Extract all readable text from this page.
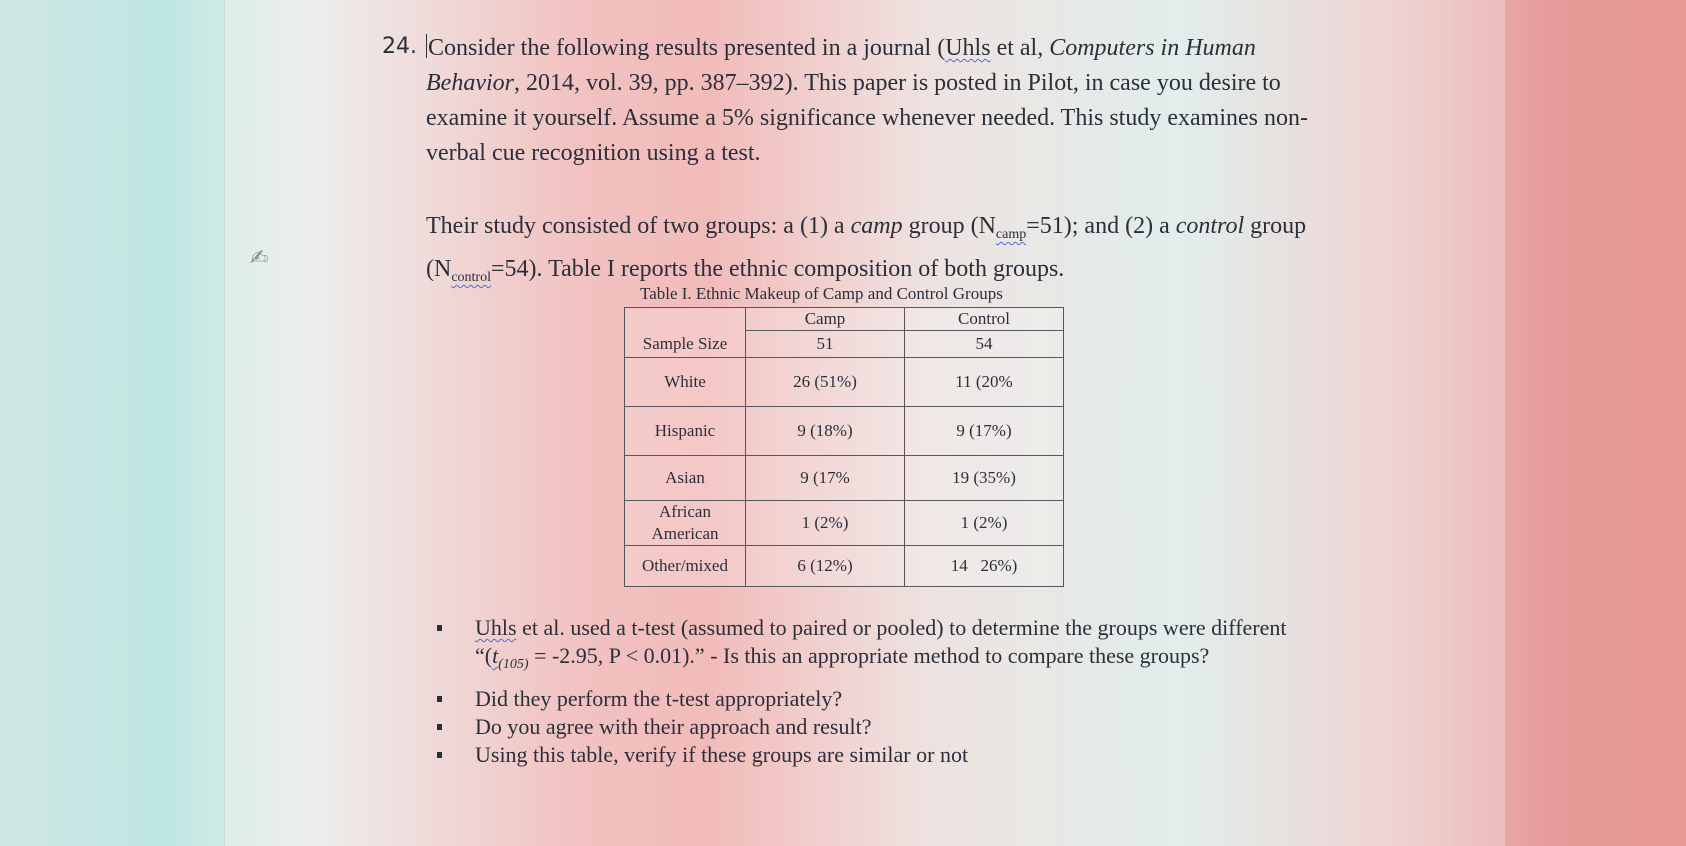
24. Consider the following results presented in a journal (Uhls et al, Computers in Human Behavior, 2014, vol. 39, pp. 387–392). This paper is posted in Pilot, in case you desire to examine it yourself. Assume a 5% significance whenever needed. This study examines non-verbal cue recognition using a test.
✍
Their study consisted of two groups: a (1) a camp group $(N_{camp}=51)$; and (2) a control group $(N_{control}=54)$. Table I reports the ethnic composition of both groups.
Table I. Ethnic Makeup of Camp and Control Groups
	Camp	Control
Sample Size	51	54
White	26 (51%)	11 (20%
Hispanic	9 (18%)	9 (17%)
Asian	9 (17%	19 (35%)
African
American	1 (2%)	1 (2%)
Other/mixed	6 (12%)	14   26%)
Uhls et al. used a t-test (assumed to paired or pooled) to determine the groups were different “($t_{(105)} = -2.95$, P < 0.01).” - Is this an appropriate method to compare these groups?
Did they perform the t-test appropriately?
Do you agree with their approach and result?
Using this table, verify if these groups are similar or not
